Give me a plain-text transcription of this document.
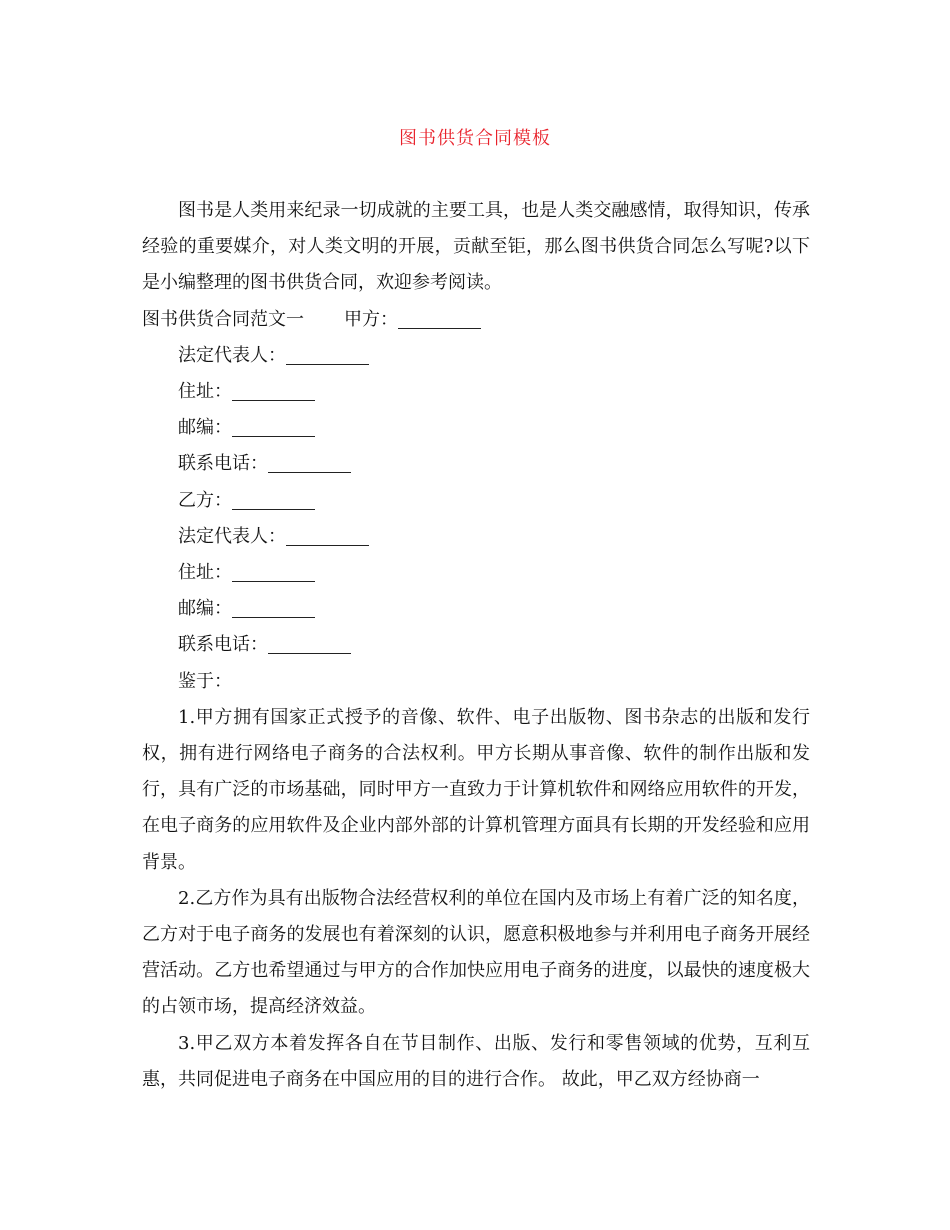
图书供货合同模板

图书是人类用来纪录一切成就的主要工具，也是人类交融感情，取得知识，传承经验的重要媒介，对人类文明的开展，贡献至钜，那么图书供货合同怎么写呢?以下是小编整理的图书供货合同，欢迎参考阅读。

图书供货合同范文一 甲方：

法定代表人：

住址：

邮编：

联系电话：

乙方：

法定代表人：

住址：

邮编：

联系电话：

鉴于：

1.甲方拥有国家正式授予的音像、软件、电子出版物、图书杂志的出版和发行权，拥有进行网络电子商务的合法权利。甲方长期从事音像、软件的制作出版和发行，具有广泛的市场基础，同时甲方一直致力于计算机软件和网络应用软件的开发，在电子商务的应用软件及企业内部外部的计算机管理方面具有长期的开发经验和应用背景。

2.乙方作为具有出版物合法经营权利的单位在国内及市场上有着广泛的知名度，乙方对于电子商务的发展也有着深刻的认识，愿意积极地参与并利用电子商务开展经营活动。乙方也希望通过与甲方的合作加快应用电子商务的进度，以最快的速度极大的占领市场，提高经济效益。

3.甲乙双方本着发挥各自在节目制作、出版、发行和零售领域的优势，互利互惠，共同促进电子商务在中国应用的目的进行合作。 故此，甲乙双方经协商一
